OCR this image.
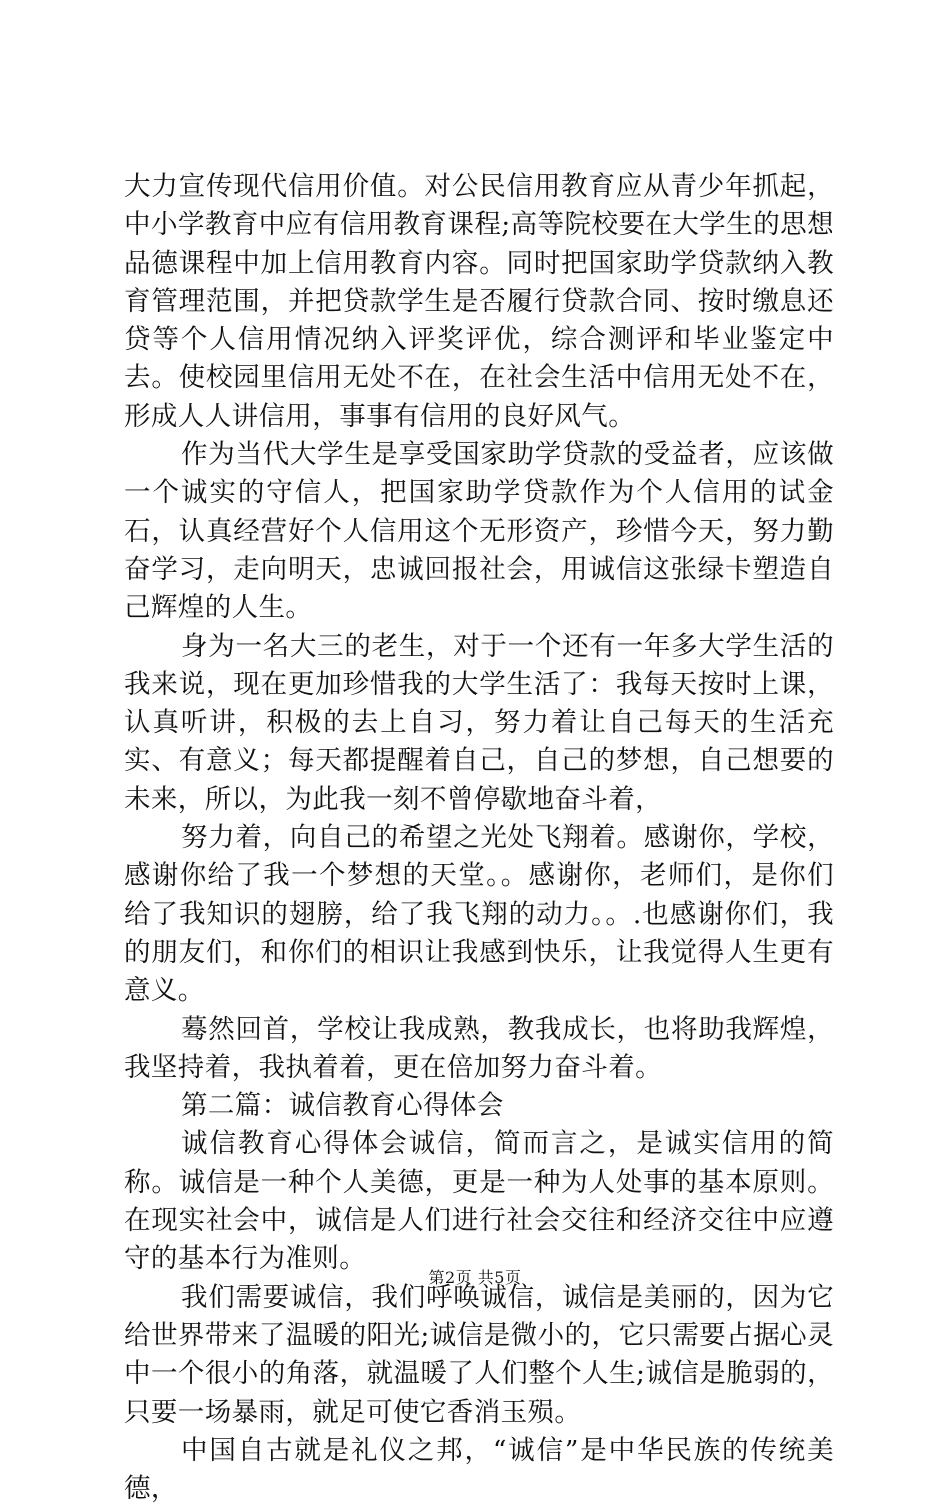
大力宣传现代信用价值。对公民信用教育应从青少年抓起，中小学教育中应有信用教育课程;高等院校要在大学生的思想品德课程中加上信用教育内容。同时把国家助学贷款纳入教育管理范围，并把贷款学生是否履行贷款合同、按时缴息还贷等个人信用情况纳入评奖评优，综合测评和毕业鉴定中去。使校园里信用无处不在，在社会生活中信用无处不在，形成人人讲信用，事事有信用的良好风气。

作为当代大学生是享受国家助学贷款的受益者，应该做一个诚实的守信人，把国家助学贷款作为个人信用的试金石，认真经营好个人信用这个无形资产，珍惜今天，努力勤奋学习，走向明天，忠诚回报社会，用诚信这张绿卡塑造自己辉煌的人生。

身为一名大三的老生，对于一个还有一年多大学生活的我来说，现在更加珍惜我的大学生活了：我每天按时上课，认真听讲，积极的去上自习，努力着让自己每天的生活充实、有意义；每天都提醒着自己，自己的梦想，自己想要的未来，所以，为此我一刻不曾停歇地奋斗着，

努力着，向自己的希望之光处飞翔着。感谢你，学校，感谢你给了我一个梦想的天堂。。感谢你，老师们，是你们给了我知识的翅膀，给了我飞翔的动力。。.也感谢你们，我的朋友们，和你们的相识让我感到快乐，让我觉得人生更有意义。

蓦然回首，学校让我成熟，教我成长，也将助我辉煌，我坚持着，我执着着，更在倍加努力奋斗着。

第二篇：诚信教育心得体会

诚信教育心得体会诚信，简而言之，是诚实信用的简称。诚信是一种个人美德，更是一种为人处事的基本原则。在现实社会中，诚信是人们进行社会交往和经济交往中应遵守的基本行为准则。

我们需要诚信，我们呼唤诚信，诚信是美丽的，因为它给世界带来了温暖的阳光;诚信是微小的，它只需要占据心灵中一个很小的角落，就温暖了人们整个人生;诚信是脆弱的，只要一场暴雨，就足可使它香消玉殒。

中国自古就是礼仪之邦，“诚信”是中华民族的传统美德，

第2页 共5页
